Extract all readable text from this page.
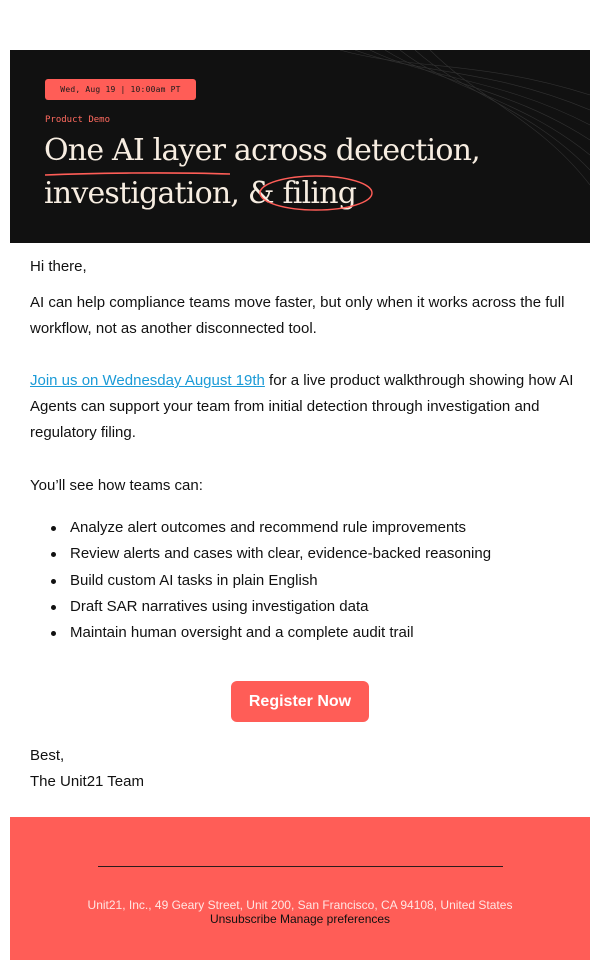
Wed, Aug 19 | 10:00am PT
Product Demo
One AI layer across detection,
investigation, & filing
Hi there,
AI can help compliance teams move faster, but only when it works across the full workflow, not as another disconnected tool.
Join us on Wednesday August 19th for a live product walkthrough showing how AI Agents can support your team from initial detection through investigation and regulatory filing.
You’ll see how teams can:
Analyze alert outcomes and recommend rule improvements
Review alerts and cases with clear, evidence-backed reasoning
Build custom AI tasks in plain English
Draft SAR narratives using investigation data
Maintain human oversight and a complete audit trail
Best,
The Unit21 Team
Register Now
Unit21, Inc., 49 Geary Street, Unit 200, San Francisco, CA 94108, United States
Unsubscribe Manage preferences
